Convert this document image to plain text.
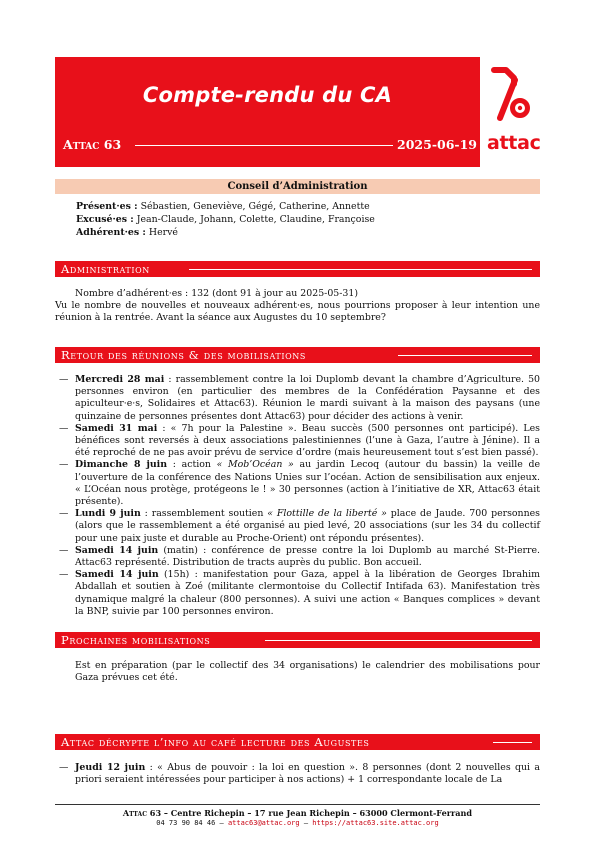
Compte-rendu du CA
Attac 63	2025-06-19 attac
Conseil d’Administration
Présent·es : Sébastien, Geneviève, Gégé, Catherine, Annette
Excusé·es : Jean-Claude, Johann, Colette, Claudine, Françoise
Adhérent·es : Hervé
Administration
Nombre d’adhérent·es : 132 (dont 91 à jour au 2025-05-31)
Vu le nombre de nouvelles et nouveaux adhérent·es, nous pourrions proposer à leur intention une réunion à la rentrée. Avant la séance aux Augustes du 10 septembre?
Retour des réunions & des mobilisations

— Mercredi 28 mai : rassemblement contre la loi Duplomb devant la chambre d’Agriculture. 50 personnes environ (en particulier des membres de la Confédération Paysanne et des apiculteur·e·s, Solidaires et Attac63). Réunion le mardi suivant à la maison des paysans (une quinzaine de personnes présentes dont Attac63) pour décider des actions à venir.

— Samedi 31 mai : « 7h pour la Palestine ». Beau succès (500 personnes ont participé). Les bénéfices sont reversés à deux associations palestiniennes (l’une à Gaza, l’autre à Jénine). Il a été reproché de ne pas avoir prévu de service d’ordre (mais heureusement tout s’est bien passé).

— Dimanche 8 juin : action « Mob’Océan » au jardin Lecoq (autour du bassin) la veille de l’ouverture de la conférence des Nations Unies sur l’océan. Action de sensibilisation aux enjeux. « L’Océan nous protège, protégeons le ! » 30 personnes (action à l’initiative de XR, Attac63 était présente).

— Lundi 9 juin : rassemblement soutien « Flottille de la liberté » place de Jaude. 700 personnes (alors que le rassemblement a été organisé au pied levé, 20 associations (sur les 34 du collectif pour une paix juste et durable au Proche-Orient) ont répondu présentes).

— Samedi 14 juin (matin) : conférence de presse contre la loi Duplomb au marché St-Pierre. Attac63 représenté. Distribution de tracts auprès du public. Bon accueil.

— Samedi 14 juin (15h) : manifestation pour Gaza, appel à la libération de Georges Ibrahim Abdallah et soutien à Zoé (militante clermontoise du Collectif Intifada 63). Manifestation très dynamique malgré la chaleur (800 personnes). A suivi une action « Banques complices » devant la BNP, suivie par 100 personnes environ.

Prochaines mobilisations
Est en préparation (par le collectif des 34 organisations) le calendrier des mobilisations pour Gaza prévues cet été.
Attac décrypte l’info au café lecture des Augustes

— Jeudi 12 juin : « Abus de pouvoir : la loi en question ». 8 personnes (dont 2 nouvelles qui a priori seraient intéressées pour participer à nos actions) + 1 correspondante locale de La

Attac 63 – Centre Richepin – 17 rue Jean Richepin – 63000 Clermont-Ferrand
04 73 90 84 46 – attac63@attac.org – https://attac63.site.attac.org
